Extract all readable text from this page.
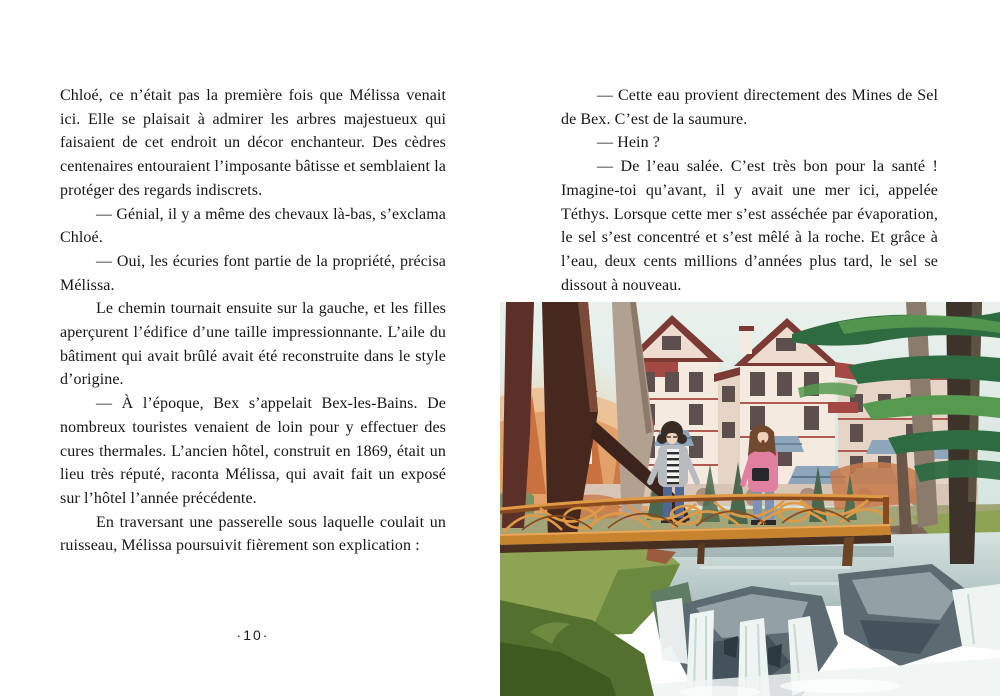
Chloé, ce n’était pas la première fois que Mélissa venait ici. Elle se plaisait à admirer les arbres majestueux qui faisaient de cet endroit un décor enchanteur. Des cèdres centenaires entouraient l’imposante bâtisse et semblaient la protéger des regards indiscrets.

— Génial, il y a même des chevaux là-bas, s’exclama Chloé.

— Oui, les écuries font partie de la propriété, précisa Mélissa.

Le chemin tournait ensuite sur la gauche, et les filles aperçurent l’édifice d’une taille impressionnante. L’aile du bâtiment qui avait brûlé avait été reconstruite dans le style d’origine.

— À l’époque, Bex s’appelait Bex-les-Bains. De nombreux touristes venaient de loin pour y effectuer des cures thermales. L’ancien hôtel, construit en 1869, était un lieu très réputé, raconta Mélissa, qui avait fait un exposé sur l’hôtel l’année précédente.

En traversant une passerelle sous laquelle coulait un ruisseau, Mélissa poursuivit fièrement son explication :

·10·

— Cette eau provient directement des Mines de Sel de Bex. C’est de la saumure.

— Hein ?

— De l’eau salée. C’est très bon pour la santé ! Imagine-toi qu’avant, il y avait une mer ici, appelée Téthys. Lorsque cette mer s’est asséchée par évaporation, le sel s’est concentré et s’est mêlé à la roche. Et grâce à l’eau, deux cents millions d’années plus tard, le sel se dissout à nouveau.
